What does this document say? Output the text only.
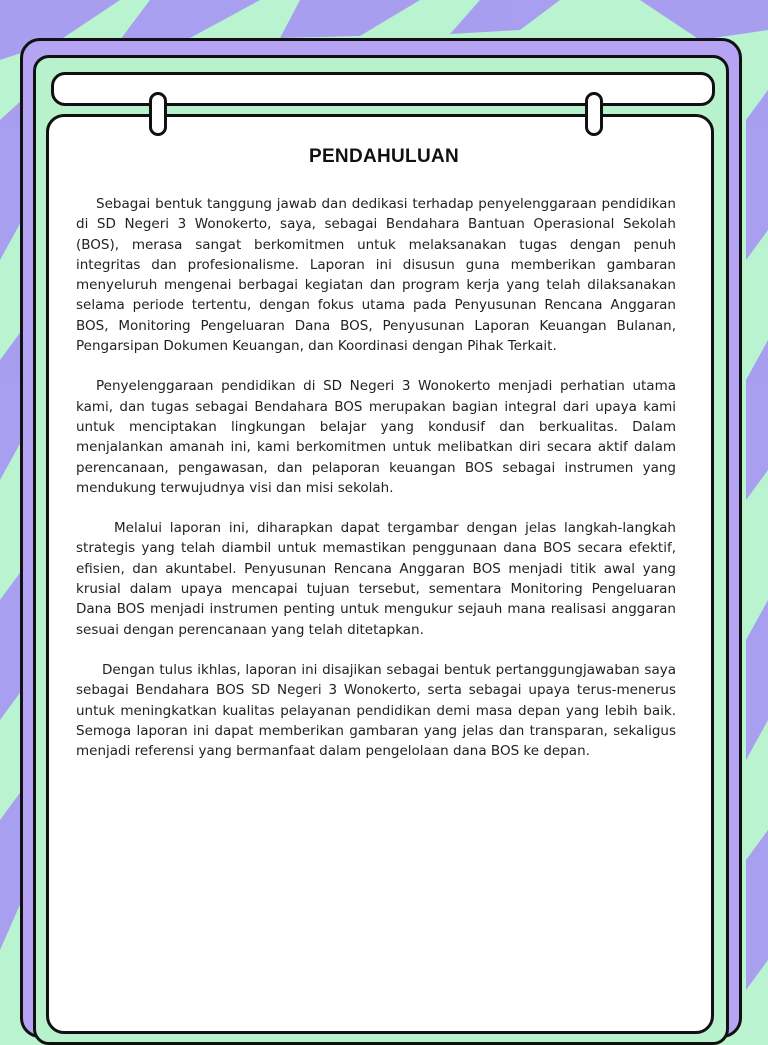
PENDAHULUAN

Sebagai bentuk tanggung jawab dan dedikasi terhadap penyelenggaraan pendidikan di SD Negeri 3 Wonokerto, saya, sebagai Bendahara Bantuan Operasional Sekolah (BOS), merasa sangat berkomitmen untuk melaksanakan tugas dengan penuh integritas dan profesionalisme. Laporan ini disusun guna memberikan gambaran menyeluruh mengenai berbagai kegiatan dan program kerja yang telah dilaksanakan selama periode tertentu, dengan fokus utama pada Penyusunan Rencana Anggaran BOS, Monitoring Pengeluaran Dana BOS, Penyusunan Laporan Keuangan Bulanan, Pengarsipan Dokumen Keuangan, dan Koordinasi dengan Pihak Terkait.

Penyelenggaraan pendidikan di SD Negeri 3 Wonokerto menjadi perhatian utama kami, dan tugas sebagai Bendahara BOS merupakan bagian integral dari upaya kami untuk menciptakan lingkungan belajar yang kondusif dan berkualitas. Dalam menjalankan amanah ini, kami berkomitmen untuk melibatkan diri secara aktif dalam perencanaan, pengawasan, dan pelaporan keuangan BOS sebagai instrumen yang mendukung terwujudnya visi dan misi sekolah.

Melalui laporan ini, diharapkan dapat tergambar dengan jelas langkah-langkah strategis yang telah diambil untuk memastikan penggunaan dana BOS secara efektif, efisien, dan akuntabel. Penyusunan Rencana Anggaran BOS menjadi titik awal yang krusial dalam upaya mencapai tujuan tersebut, sementara Monitoring Pengeluaran Dana BOS menjadi instrumen penting untuk mengukur sejauh mana realisasi anggaran sesuai dengan perencanaan yang telah ditetapkan.

Dengan tulus ikhlas, laporan ini disajikan sebagai bentuk pertanggungjawaban saya sebagai Bendahara BOS SD Negeri 3 Wonokerto, serta sebagai upaya terus-menerus untuk meningkatkan kualitas pelayanan pendidikan demi masa depan yang lebih baik. Semoga laporan ini dapat memberikan gambaran yang jelas dan transparan, sekaligus menjadi referensi yang bermanfaat dalam pengelolaan dana BOS ke depan.
